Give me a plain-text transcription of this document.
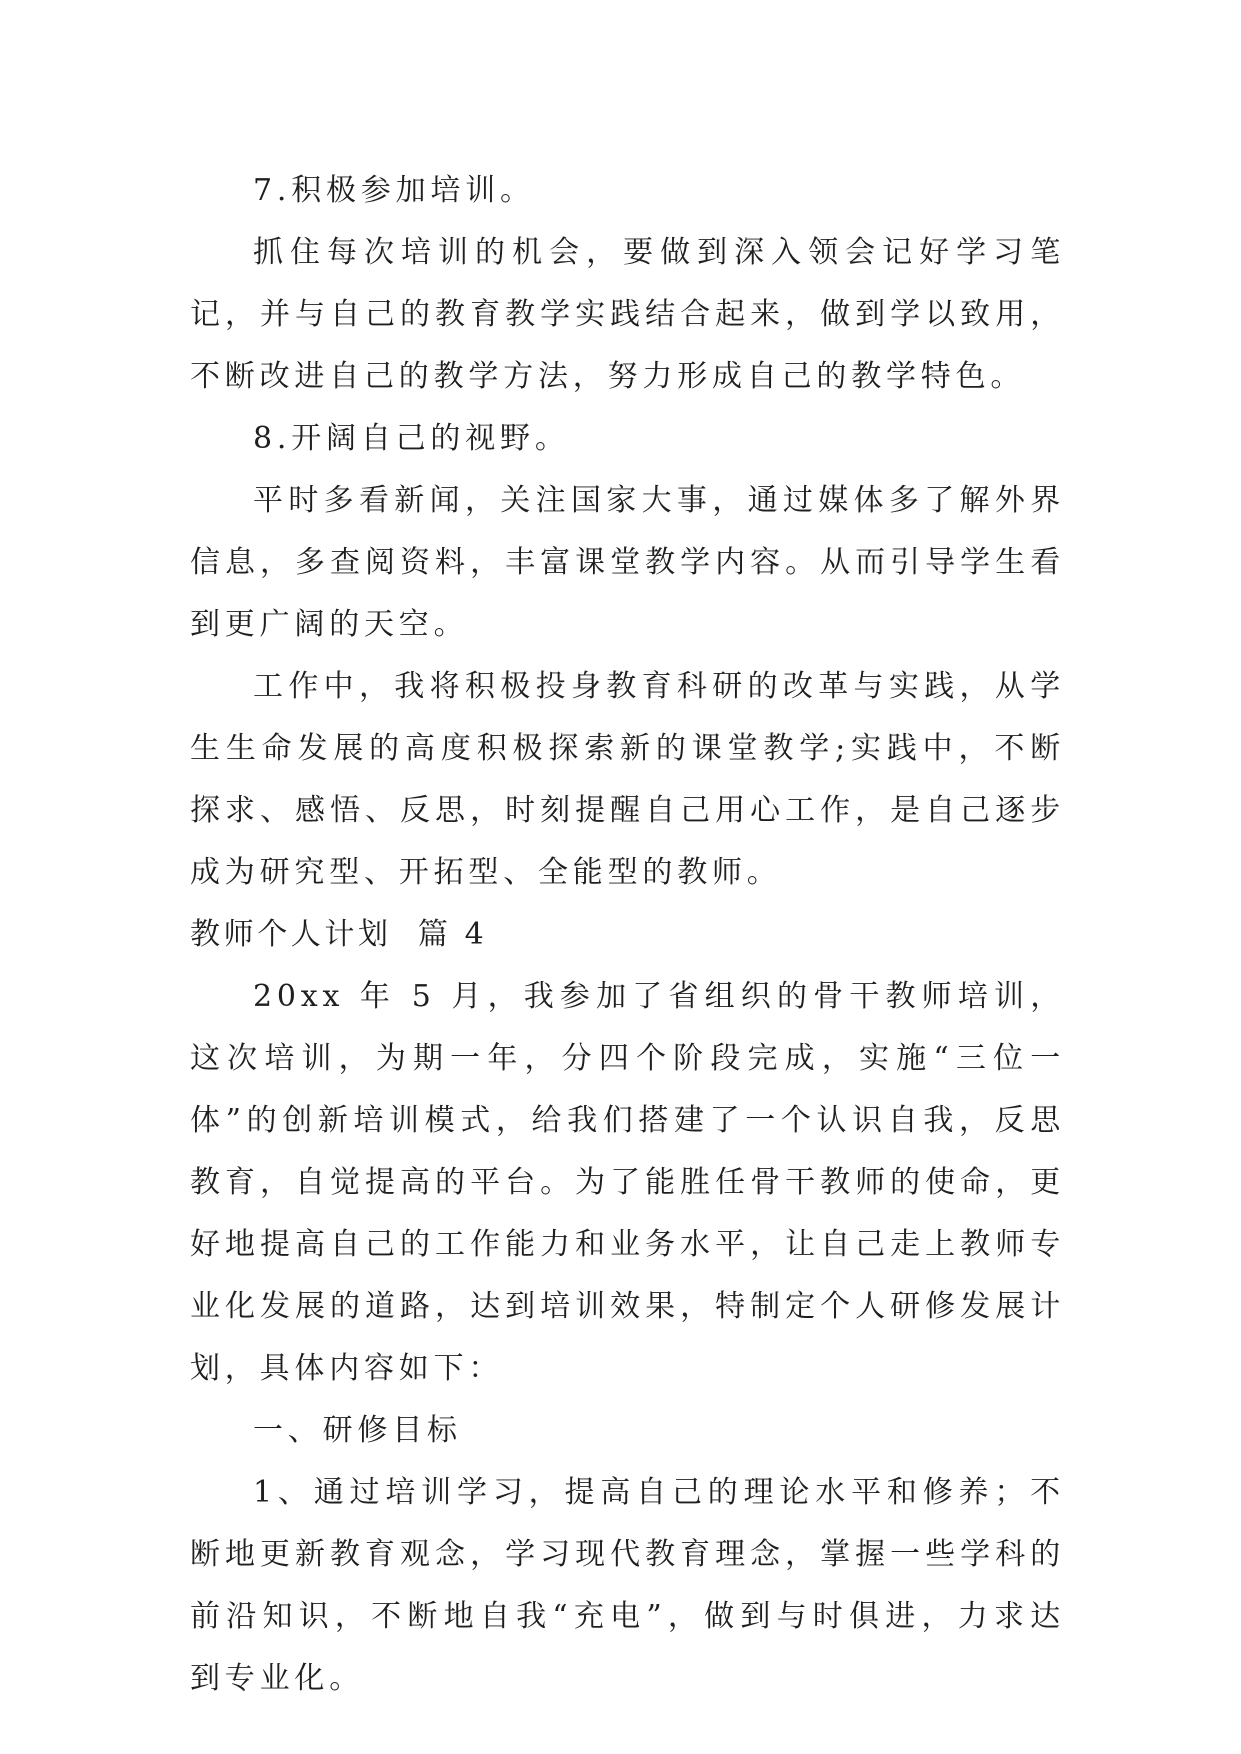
7.积极参加培训。

抓住每次培训的机会，要做到深入领会记好学习笔记，并与自己的教育教学实践结合起来，做到学以致用，不断改进自己的教学方法，努力形成自己的教学特色。

8.开阔自己的视野。

平时多看新闻，关注国家大事，通过媒体多了解外界信息，多查阅资料，丰富课堂教学内容。从而引导学生看到更广阔的天空。

工作中，我将积极投身教育科研的改革与实践，从学生生命发展的高度积极探索新的课堂教学;实践中，不断探求、感悟、反思，时刻提醒自己用心工作，是自己逐步成为研究型、开拓型、全能型的教师。

教师个人计划  篇 4

20xx 年 5 月，我参加了省组织的骨干教师培训，这次培训，为期一年，分四个阶段完成，实施“三位一体”的创新培训模式，给我们搭建了一个认识自我，反思教育，自觉提高的平台。为了能胜任骨干教师的使命，更好地提高自己的工作能力和业务水平，让自己走上教师专业化发展的道路，达到培训效果，特制定个人研修发展计划，具体内容如下：

一、研修目标

1、通过培训学习，提高自己的理论水平和修养；不断地更新教育观念，学习现代教育理念，掌握一些学科的前沿知识，不断地自我“充电”，做到与时俱进，力求达到专业化。
